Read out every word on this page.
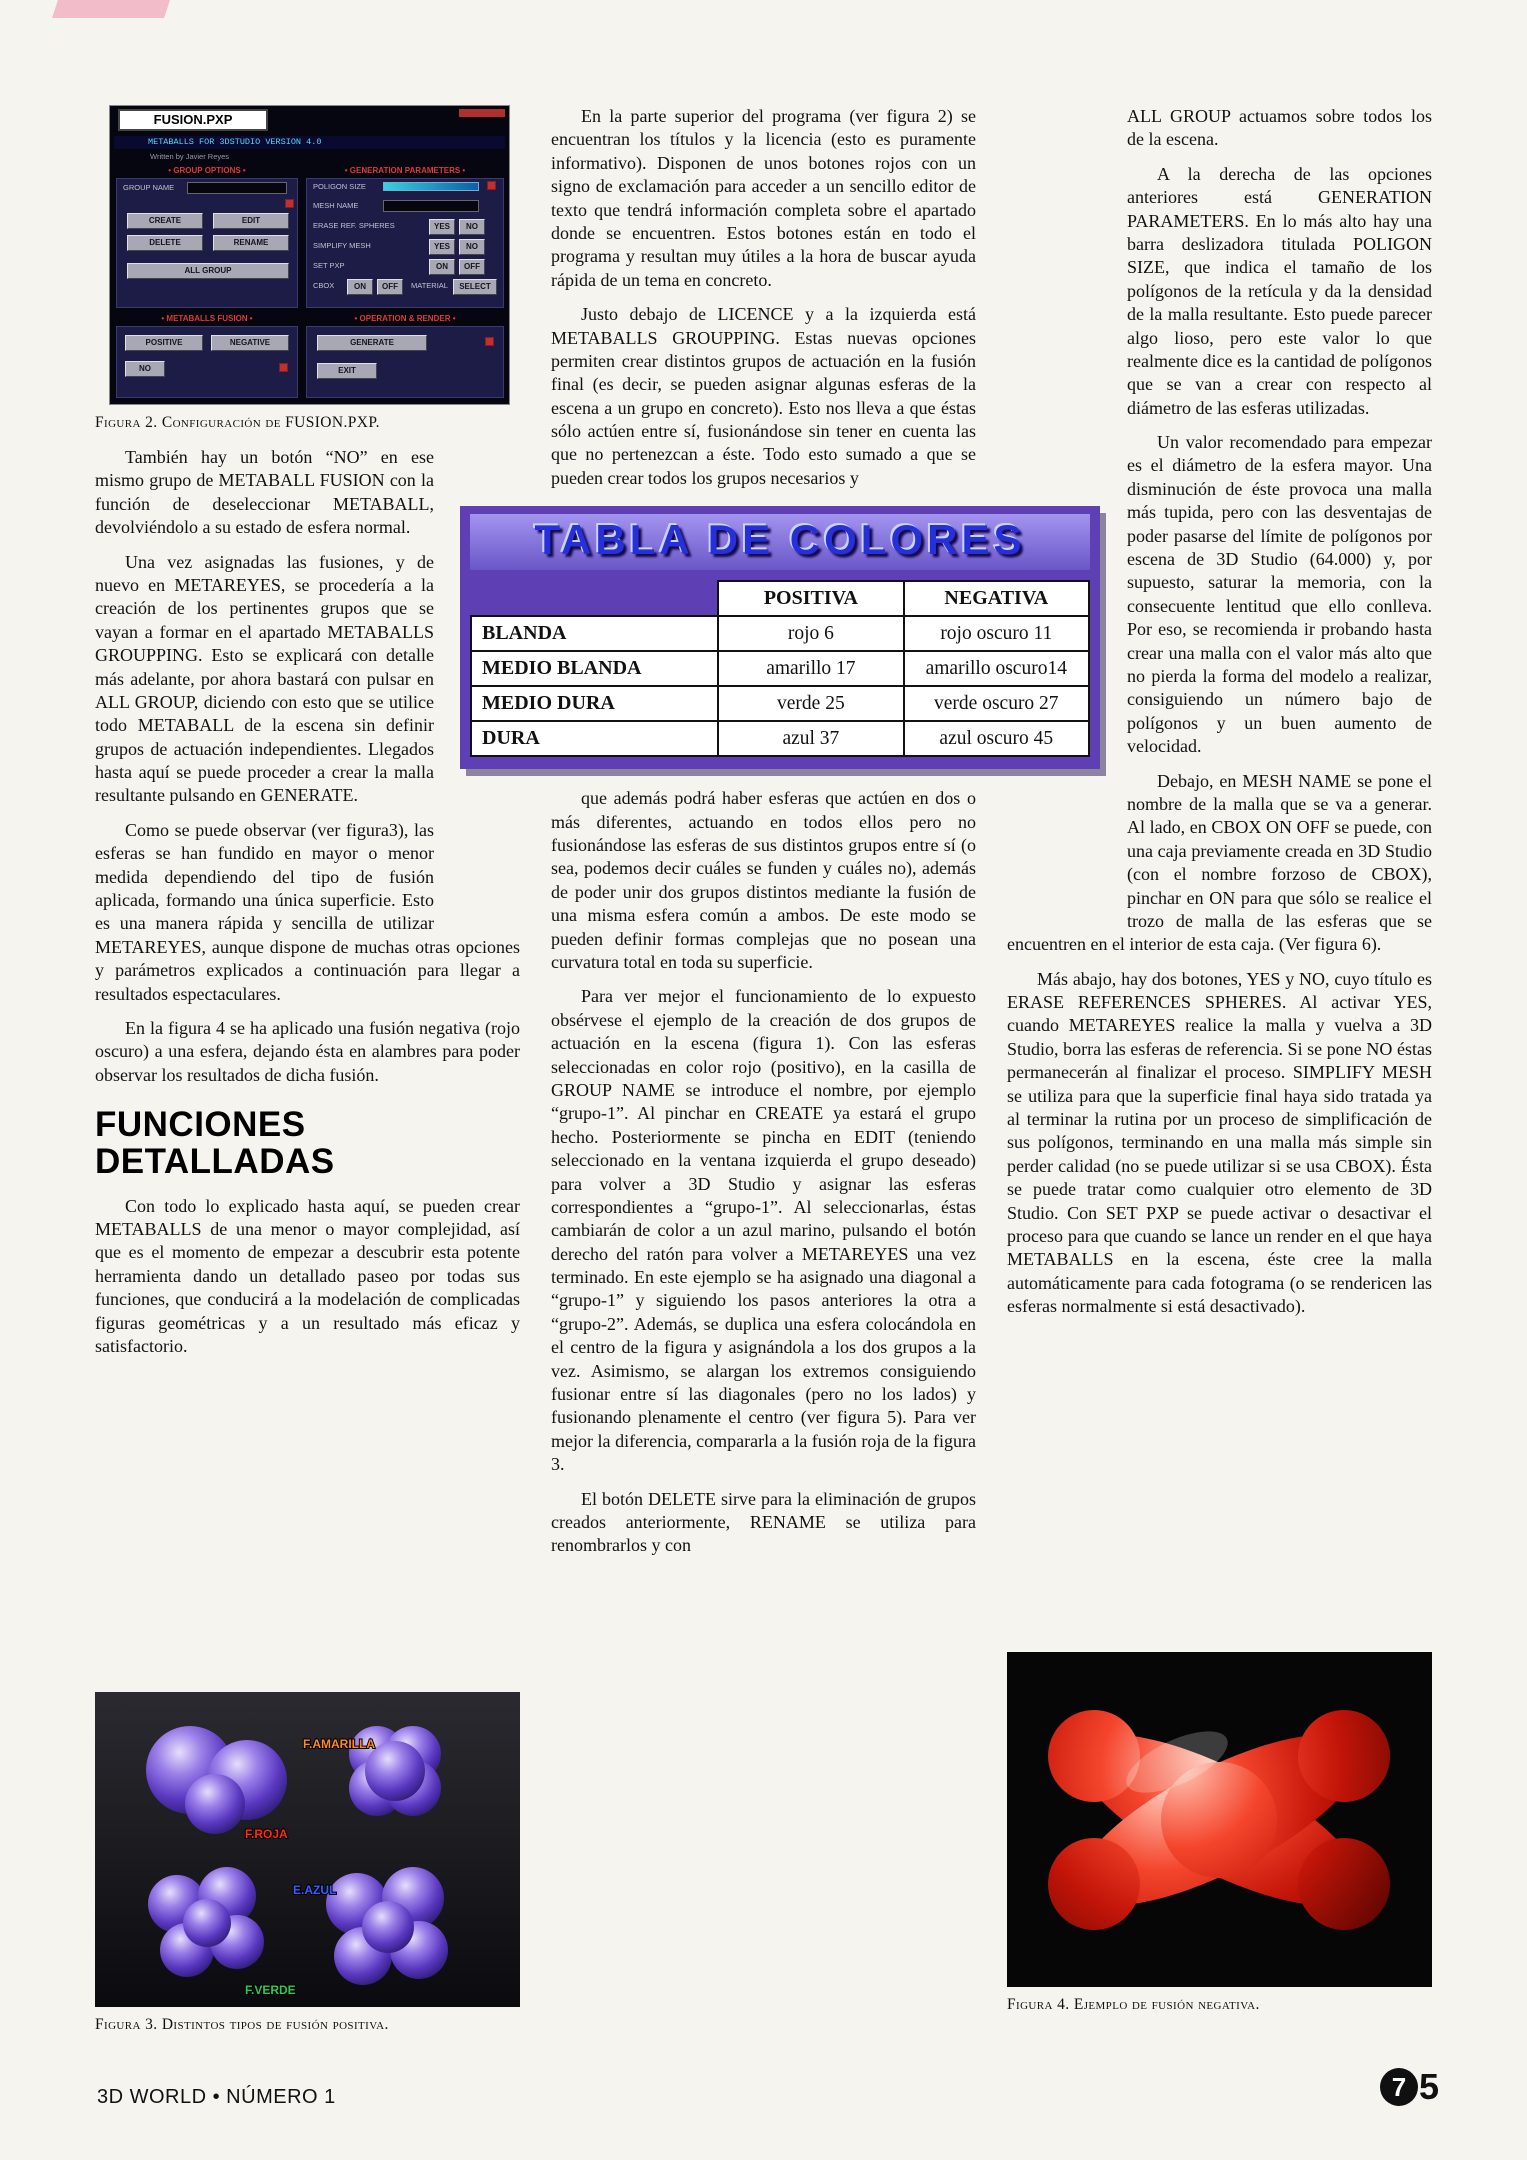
FUSION.PXP
METABALLS FOR 3DSTUDIO VERSION 4.0
Written by Javier Reyes
• GROUP OPTIONS •	• GENERATION PARAMETERS •
GROUP NAME
CREATE	EDIT
DELETE	RENAME
ALL GROUP
POLIGON SIZE
MESH NAME
ERASE REF. SPHERES	YES	NO
SIMPLIFY MESH	YES	NO
SET PXP	ON	OFF
CBOX	ON	OFF	MATERIAL	SELECT
• METABALLS FUSION •	• OPERATION & RENDER •
POSITIVE	NEGATIVE
NO
GENERATE
EXIT
Figura 2. Configuración de FUSION.PXP.

También hay un botón “NO” en ese mismo grupo de METABALL FUSION con la función de deseleccionar METABALL, devolviéndolo a su estado de esfera normal.

Una vez asignadas las fusiones, y de nuevo en METAREYES, se procedería a la creación de los pertinentes grupos que se vayan a formar en el apartado METABALLS GROUPPING. Esto se explicará con detalle más adelante, por ahora bastará con pulsar en ALL GROUP, diciendo con esto que se utilice todo METABALL de la escena sin definir grupos de actuación independientes. Llegados hasta aquí se puede proceder a crear la malla resultante pulsando en GENERATE.

Como se puede observar (ver figura3), las esferas se han fundido en mayor o menor medida dependiendo del tipo de fusión aplicada, formando una única superficie. Esto es una manera rápida y sencilla de utilizar METAREYES, aunque dispone de muchas otras opciones y parámetros explicados a continuación para llegar a resultados espectaculares.

En la figura 4 se ha aplicado una fusión negativa (rojo oscuro) a una esfera, dejando ésta en alambres para poder observar los resultados de dicha fusión.

FUNCIONES DETALLADAS

Con todo lo explicado hasta aquí, se pueden crear METABALLS de una menor o mayor complejidad, así que es el momento de empezar a descubrir esta potente herramienta dando un detallado paseo por todas sus funciones, que conducirá a la modelación de complicadas figuras geométricas y a un resultado más eficaz y satisfactorio.

En la parte superior del programa (ver figura 2) se encuentran los títulos y la licencia (esto es puramente informativo). Disponen de unos botones rojos con un signo de exclamación para acceder a un sencillo editor de texto que tendrá información completa sobre el apartado donde se encuentren. Estos botones están en todo el programa y resultan muy útiles a la hora de buscar ayuda rápida de un tema en concreto.

Justo debajo de LICENCE y a la izquierda está METABALLS GROUPPING. Estas nuevas opciones permiten crear distintos grupos de actuación en la fusión final (es decir, se pueden asignar algunas esferas de la escena a un grupo en concreto). Esto nos lleva a que éstas sólo actúen entre sí, fusionándose sin tener en cuenta las que no pertenezcan a éste. Todo esto sumado a que se pueden crear todos los grupos necesarios y

TABLA DE COLORES
	POSITIVA	NEGATIVA
BLANDA	rojo 6	rojo oscuro 11
MEDIO BLANDA	amarillo 17	amarillo oscuro14
MEDIO DURA	verde 25	verde oscuro 27
DURA	azul 37	azul oscuro 45

que además podrá haber esferas que actúen en dos o más diferentes, actuando en todos ellos pero no fusionándose las esferas de sus distintos grupos entre sí (o sea, podemos decir cuáles se funden y cuáles no), además de poder unir dos grupos distintos mediante la fusión de una misma esfera común a ambos. De este modo se pueden definir formas complejas que no posean una curvatura total en toda su superficie.

Para ver mejor el funcionamiento de lo expuesto obsérvese el ejemplo de la creación de dos grupos de actuación en la escena (figura 1). Con las esferas seleccionadas en color rojo (positivo), en la casilla de GROUP NAME se introduce el nombre, por ejemplo “grupo-1”. Al pinchar en CREATE ya estará el grupo hecho. Posteriormente se pincha en EDIT (teniendo seleccionado en la ventana izquierda el grupo deseado) para volver a 3D Studio y asignar las esferas correspondientes a “grupo-1”. Al seleccionarlas, éstas cambiarán de color a un azul marino, pulsando el botón derecho del ratón para volver a METAREYES una vez terminado. En este ejemplo se ha asignado una diagonal a “grupo-1” y siguiendo los pasos anteriores la otra a “grupo-2”. Además, se duplica una esfera colocándola en el centro de la figura y asignándola a los dos grupos a la vez. Asimismo, se alargan los extremos consiguiendo fusionar entre sí las diagonales (pero no los lados) y fusionando plenamente el centro (ver figura 5). Para ver mejor la diferencia, compararla a la fusión roja de la figura 3.

El botón DELETE sirve para la eliminación de grupos creados anteriormente, RENAME se utiliza para renombrarlos y con

ALL GROUP actuamos sobre todos los de la escena.

A la derecha de las opciones anteriores está GENERATION PARAMETERS. En lo más alto hay una barra deslizadora titulada POLIGON SIZE, que indica el tamaño de los polígonos de la retícula y da la densidad de la malla resultante. Esto puede parecer algo lioso, pero este valor lo que realmente dice es la cantidad de polígonos que se van a crear con respecto al diámetro de las esferas utilizadas.

Un valor recomendado para empezar es el diámetro de la esfera mayor. Una disminución de éste provoca una malla más tupida, pero con las desventajas de poder pasarse del límite de polígonos por escena de 3D Studio (64.000) y, por supuesto, saturar la memoria, con la consecuente lentitud que ello conlleva. Por eso, se recomienda ir probando hasta crear una malla con el valor más alto que no pierda la forma del modelo a realizar, consiguiendo un número bajo de polígonos y un buen aumento de velocidad.

Debajo, en MESH NAME se pone el nombre de la malla que se va a generar. Al lado, en CBOX ON OFF se puede, con una caja previamente creada en 3D Studio (con el nombre forzoso de CBOX), pinchar en ON para que sólo se realice el trozo de malla de las esferas que se encuentren en el interior de esta caja. (Ver figura 6).

Más abajo, hay dos botones, YES y NO, cuyo título es ERASE REFERENCES SPHERES. Al activar YES, cuando METAREYES realice la malla y vuelva a 3D Studio, borra las esferas de referencia. Si se pone NO éstas permanecerán al finalizar el proceso. SIMPLIFY MESH se utiliza para que la superficie final haya sido tratada ya al terminar la rutina por un proceso de simplificación de sus polígonos, terminando en una malla más simple sin perder calidad (no se puede utilizar si se usa CBOX). Ésta se puede tratar como cualquier otro elemento de 3D Studio. Con SET PXP se puede activar o desactivar el proceso para que cuando se lance un render en el que haya METABALLS en la escena, éste cree la malla automáticamente para cada fotograma (o se rendericen las esferas normalmente si está desactivado).

F.AMARILLA
F.ROJA
E.AZUL
F.VERDE
Figura 3. Distintos tipos de fusión positiva.
Figura 4. Ejemplo de fusión negativa.
3D WORLD • NÚMERO 1	7 5
